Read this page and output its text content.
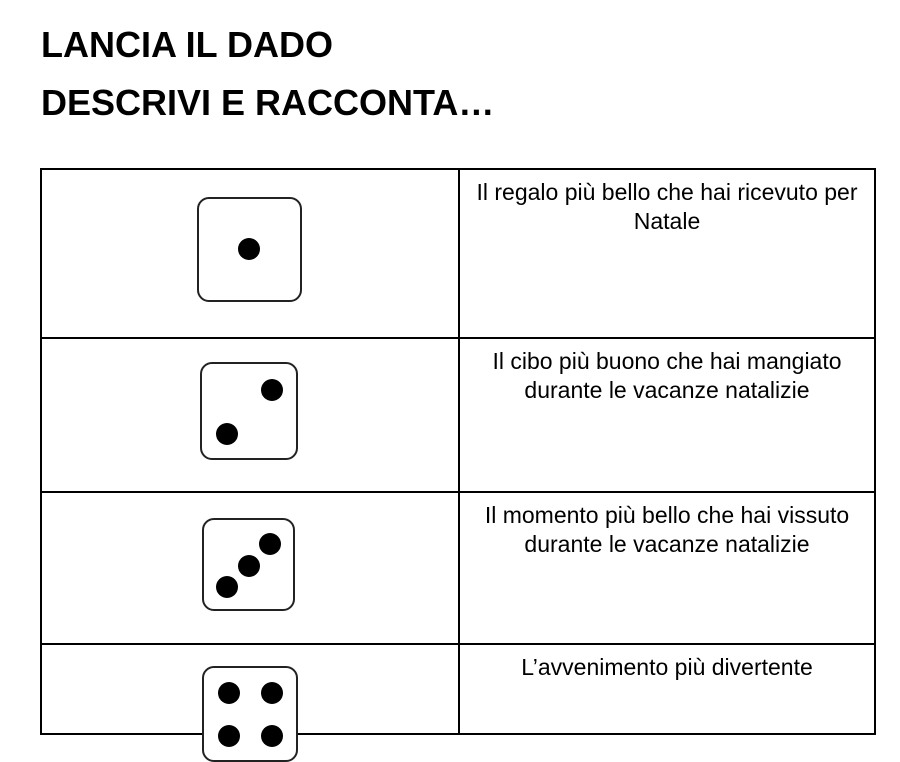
LANCIA IL DADO
DESCRIVI E RACCONTA…
	Il regalo più bello che hai ricevuto per Natale

	Il cibo più buono che hai mangiato durante le vacanze natalizie

	Il momento più bello che hai vissuto durante le vacanze natalizie

	L’avvenimento più divertente
